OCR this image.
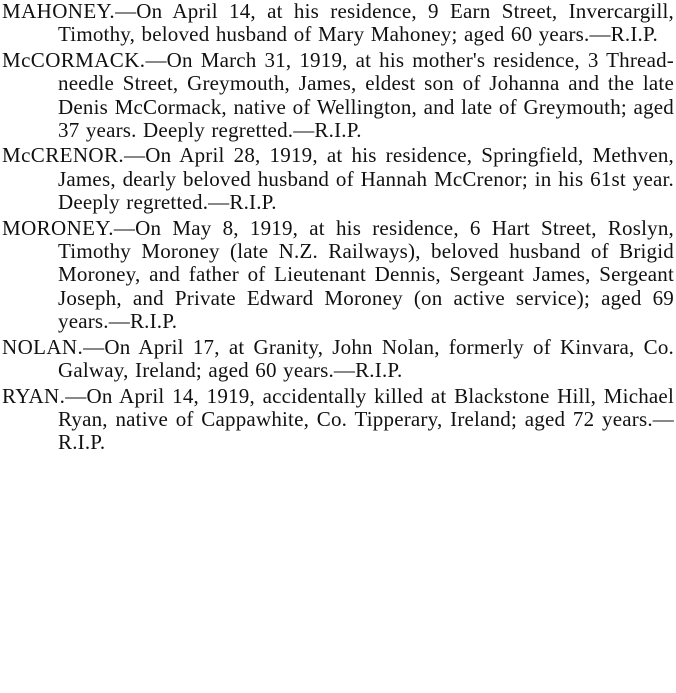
MAHONEY.—On April 14, at his residence, 9 Earn Street, Invercargill, Timothy, beloved husband of Mary Mahoney; aged 60 years.—R.I.P.

McCORMACK.—On March 31, 1919, at his mother's residence, 3 Thread-needle Street, Greymouth, James, eldest son of Johanna and the late Denis McCormack, native of Wellington, and late of Greymouth; aged 37 years. Deeply regretted.—R.I.P.

McCRENOR.—On April 28, 1919, at his residence, Springfield, Methven, James, dearly beloved husband of Hannah McCrenor; in his 61st year. Deeply regretted.—R.I.P.

MORONEY.—On May 8, 1919, at his residence, 6 Hart Street, Roslyn, Timothy Moroney (late N.Z. Railways), beloved husband of Brigid Moroney, and father of Lieutenant Dennis, Sergeant James, Sergeant Joseph, and Private Edward Moroney (on active service); aged 69 years.—R.I.P.

NOLAN.—On April 17, at Granity, John Nolan, formerly of Kinvara, Co. Galway, Ireland; aged 60 years.—R.I.P.

RYAN.—On April 14, 1919, accidentally killed at Blackstone Hill, Michael Ryan, native of Cappawhite, Co. Tipperary, Ireland; aged 72 years.—R.I.P.
